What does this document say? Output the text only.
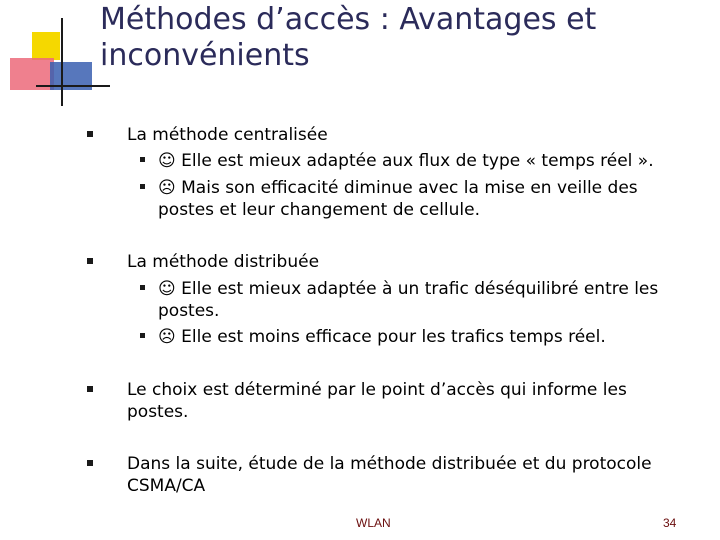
Méthodes d’accès : Avantages et inconvénients
La méthode centralisée
☺ Elle est mieux adaptée aux flux de type « temps réel ».
☹ Mais son efficacité diminue avec la mise en veille des postes et leur changement de cellule.
La méthode distribuée
☺ Elle est mieux adaptée à un trafic déséquilibré entre les postes.
☹ Elle est moins efficace pour les trafics temps réel.
Le choix est déterminé par le point d’accès qui informe les postes.
Dans la suite, étude de la méthode distribuée et du protocole CSMA/CA
WLAN	34
